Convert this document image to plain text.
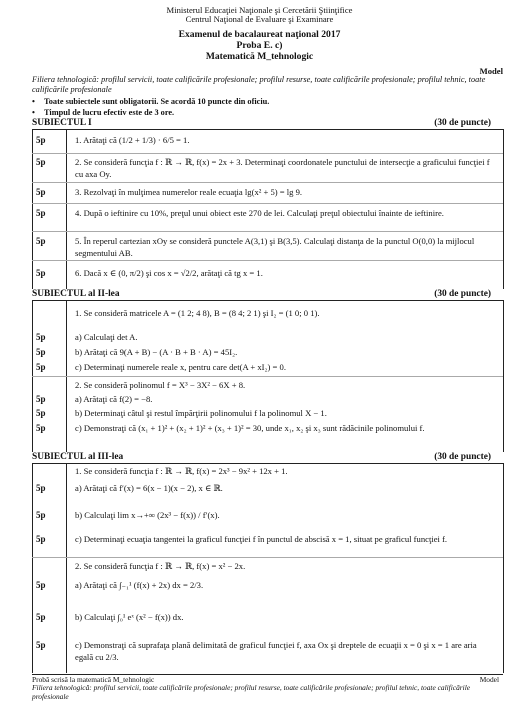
Ministerul Educaţiei Naţionale şi Cercetării Ştiinţifice
Centrul Naţional de Evaluare şi Examinare
Examenul de bacalaureat naţional 2017
Proba E. c)
Matematică M_tehnologic
Model
Filiera tehnologică: profilul servicii, toate calificările profesionale; profilul resurse, toate calificările profesionale; profilul tehnic, toate calificările profesionale
• Toate subiectele sunt obligatorii. Se acordă 10 puncte din oficiu.
• Timpul de lucru efectiv este de 3 ore.
SUBIECTUL I	(30 de puncte)
5p	1. Arătaţi că (1/2 + 1/3) · 6/5 = 1.
5p	2. Se consideră funcţia f : ℝ → ℝ, f(x) = 2x + 3. Determinaţi coordonatele punctului de intersecţie a graficului funcţiei f cu axa Oy.
5p	3. Rezolvaţi în mulţimea numerelor reale ecuaţia lg(x² + 5) = lg 9.
5p	4. După o ieftinire cu 10%, preţul unui obiect este 270 de lei. Calculaţi preţul obiectului înainte de ieftinire.
5p	5. În reperul cartezian xOy se consideră punctele A(3,1) şi B(3,5). Calculaţi distanţa de la punctul O(0,0) la mijlocul segmentului AB.
5p	6. Dacă x ∈ (0, π/2) şi cos x = √2/2, arătaţi că tg x = 1.
SUBIECTUL al II-lea	(30 de puncte)
1. Se consideră matricele A = (1 2; 4 8), B = (8 4; 2 1) şi I₂ = (1 0; 0 1).
5p	a) Calculaţi det A.
5p	b) Arătaţi că 9(A + B) − (A · B + B · A) = 45I₂.
5p	c) Determinaţi numerele reale x, pentru care det(A + xI₂) = 0.
2. Se consideră polinomul f = X³ − 3X² − 6X + 8.
5p	a) Arătaţi că f(2) = −8.
5p	b) Determinaţi câtul şi restul împărţirii polinomului f la polinomul X − 1.
5p	c) Demonstraţi că (x₁ + 1)² + (x₂ + 1)² + (x₃ + 1)² = 30, unde x₁, x₂ şi x₃ sunt rădăcinile polinomului f.
SUBIECTUL al III-lea	(30 de puncte)
1. Se consideră funcţia f : ℝ → ℝ, f(x) = 2x³ − 9x² + 12x + 1.
5p	a) Arătaţi că f′(x) = 6(x − 1)(x − 2), x ∈ ℝ.
5p	b) Calculaţi lim x→+∞ (2x³ − f(x)) / f′(x).
5p	c) Determinaţi ecuaţia tangentei la graficul funcţiei f în punctul de abscisă x = 1, situat pe graficul funcţiei f.
2. Se consideră funcţia f : ℝ → ℝ, f(x) = x² − 2x.
5p	a) Arătaţi că ∫₋₁¹ (f(x) + 2x) dx = 2/3.
5p	b) Calculaţi ∫₀¹ eˣ (x² − f(x)) dx.
5p	c) Demonstraţi că suprafaţa plană delimitată de graficul funcţiei f, axa Ox şi dreptele de ecuaţii x = 0 şi x = 1 are aria egală cu 2/3.
Probă scrisă la matematică M_tehnologic	Model
Filiera tehnologică: profilul servicii, toate calificările profesionale; profilul resurse, toate calificările profesionale; profilul tehnic, toate calificările profesionale
